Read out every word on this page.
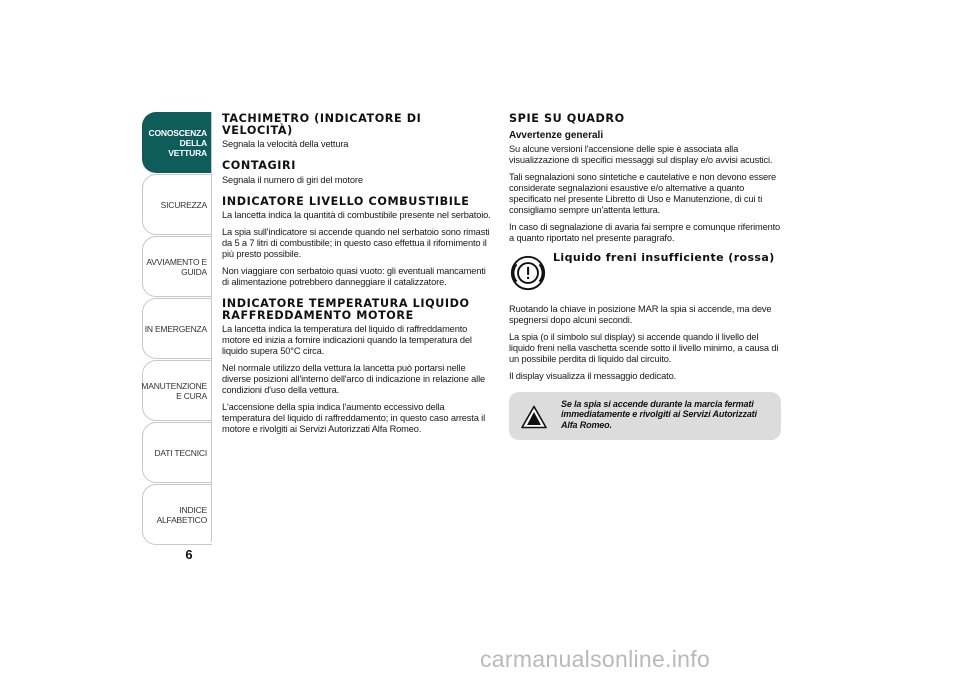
CONOSCENZA DELLA VETTURA
SICUREZZA
AVVIAMENTO E GUIDA
IN EMERGENZA
MANUTENZIONE E CURA
DATI TECNICI
INDICE ALFABETICO
6
TACHIMETRO (INDICATORE DI VELOCITÀ)

Segnala la velocità della vettura

CONTAGIRI

Segnala il numero di giri del motore

INDICATORE LIVELLO COMBUSTIBILE

La lancetta indica la quantità di combustibile presente nel serbatoio.

La spia sull'indicatore si accende quando nel serbatoio sono rimasti da 5 a 7 litri di combustibile; in questo caso effettua il rifornimento il più presto possibile.

Non viaggiare con serbatoio quasi vuoto: gli eventuali mancamenti di alimentazione potrebbero danneggiare il catalizzatore.

INDICATORE TEMPERATURA LIQUIDO RAFFREDDAMENTO MOTORE

La lancetta indica la temperatura del liquido di raffreddamento motore ed inizia a fornire indicazioni quando la temperatura del liquido supera 50°C circa.

Nel normale utilizzo della vettura la lancetta può portarsi nelle diverse posizioni all'interno dell'arco di indicazione in relazione alle condizioni d'uso della vettura.

L'accensione della spia indica l'aumento eccessivo della temperatura del liquido di raffreddamento; in questo caso arresta il motore e rivolgiti ai Servizi Autorizzati Alfa Romeo.

SPIE SU QUADRO
Avvertenze generali

Su alcune versioni l'accensione delle spie è associata alla visualizzazione di specifici messaggi sul display e/o avvisi acustici.

Tali segnalazioni sono sintetiche e cautelative e non devono essere considerate segnalazioni esaustive e/o alternative a quanto specificato nel presente Libretto di Uso e Manutenzione, di cui ti consigliamo sempre un'attenta lettura.

In caso di segnalazione di avaria fai sempre e comunque riferimento a quanto riportato nel presente paragrafo.

Liquido freni insufficiente (rossa)

Ruotando la chiave in posizione MAR la spia si accende, ma deve spegnersi dopo alcuni secondi.

La spia (o il simbolo sul display) si accende quando il livello del liquido freni nella vaschetta scende sotto il livello minimo, a causa di un possibile perdita di liquido dal circuito.

Il display visualizza il messaggio dedicato.

Se la spia si accende durante la marcia fermati immediatamente e rivolgiti ai Servizi Autorizzati Alfa Romeo.

carmanualsonline.info
